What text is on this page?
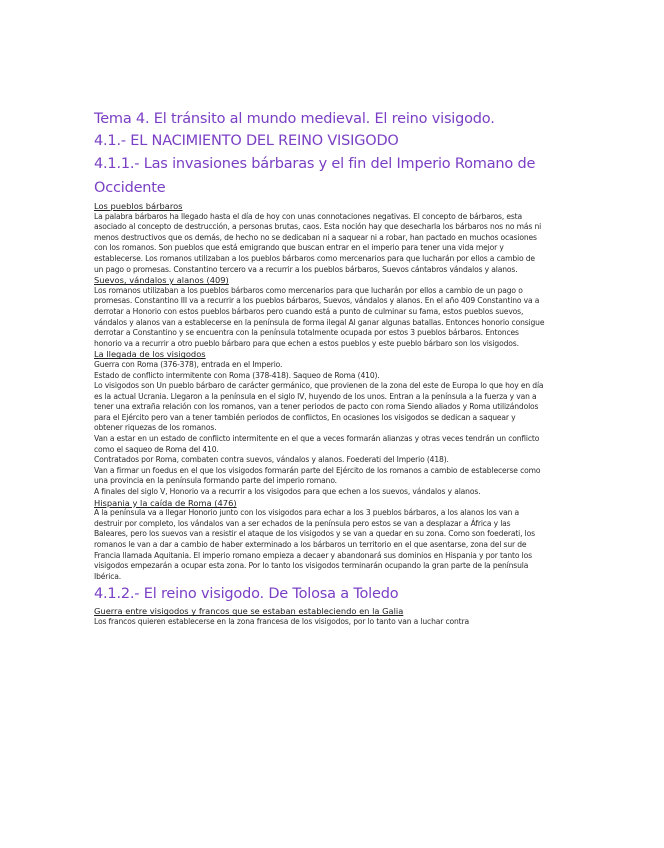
Tema 4. El tránsito al mundo medieval. El reino visigodo.
4.1.- EL NACIMIENTO DEL REINO VISIGODO
4.1.1.- Las invasiones bárbaras y el fin del Imperio Romano de Occidente

Los pueblos bárbaros

La palabra bárbaros ha llegado hasta el día de hoy con unas connotaciones negativas. El concepto de bárbaros, esta asociado al concepto de destrucción, a personas brutas, caos. Esta noción hay que desecharla los bárbaros nos no más ni menos destructivos que os demás, de hecho no se dedicaban ni a saquear ni a robar, han pactado en muchos ocasiones con los romanos. Son pueblos que está emigrando que buscan entrar en el imperio para tener una vida mejor y establecerse. Los romanos utilizaban a los pueblos bárbaros como mercenarios para que lucharán por ellos a cambio de un pago o promesas. Constantino tercero va a recurrir a los pueblos bárbaros, Suevos cántabros vándalos y alanos.

Suevos, vándalos y alanos (409)

Los romanos utilizaban a los pueblos bárbaros como mercenarios para que lucharán por ellos a cambio de un pago o promesas. Constantino III va a recurrir a los pueblos bárbaros, Suevos, vándalos y alanos. En el año 409 Constantino va a derrotar a Honorio con estos pueblos bárbaros pero cuando está a punto de culminar su fama, estos pueblos suevos, vándalos y alanos van a establecerse en la península de forma ilegal Al ganar algunas batallas. Entonces honorio consigue derrotar a Constantino y se encuentra con la península totalmente ocupada por estos 3 pueblos bárbaros. Entonces honorio va a recurrir a otro pueblo bárbaro para que echen a estos pueblos y este pueblo bárbaro son los visigodos.

La llegada de los visigodos

Guerra con Roma (376-378), entrada en el Imperio.

Estado de conflicto intermitente con Roma (378-418). Saqueo de Roma (410).

Lo visigodos son Un pueblo bárbaro de carácter germánico, que provienen de la zona del este de Europa lo que hoy en día es la actual Ucrania. Llegaron a la península en el siglo IV, huyendo de los unos. Entran a la península a la fuerza y van a tener una extraña relación con los romanos, van a tener periodos de pacto con roma Siendo aliados y Roma utilizándolos para el Ejército pero van a tener también periodos de conflictos, En ocasiones los visigodos se dedican a saquear y obtener riquezas de los romanos.

Van a estar en un estado de conflicto intermitente en el que a veces formarán alianzas y otras veces tendrán un conflicto como el saqueo de Roma del 410.

Contratados por Roma, combaten contra suevos, vándalos y alanos. Foederati del Imperio (418).

Van a firmar un foedus en el que los visigodos formarán parte del Ejército de los romanos a cambio de establecerse como una provincia en la península formando parte del imperio romano.

A finales del siglo V, Honorio va a recurrir a los visigodos para que echen a los suevos, vándalos y alanos.

Hispania y la caída de Roma (476)

A la península va a llegar Honorio junto con los visigodos para echar a los 3 pueblos bárbaros, a los alanos los van a destruir por completo, los vándalos van a ser echados de la península pero estos se van a desplazar a África y las Baleares, pero los suevos van a resistir el ataque de los visigodos y se van a quedar en su zona. Como son foederati, los romanos le van a dar a cambio de haber exterminado a los bárbaros un territorio en el que asentarse, zona del sur de Francia llamada Aquitania. El imperio romano empieza a decaer y abandonará sus dominios en Hispania y por tanto los visigodos empezarán a ocupar esta zona. Por lo tanto los visigodos terminarán ocupando la gran parte de la península Ibérica.

4.1.2.- El reino visigodo. De Tolosa a Toledo

Guerra entre visigodos y francos que se estaban estableciendo en la Galia

Los francos quieren establecerse en la zona francesa de los visigodos, por lo tanto van a luchar contra
